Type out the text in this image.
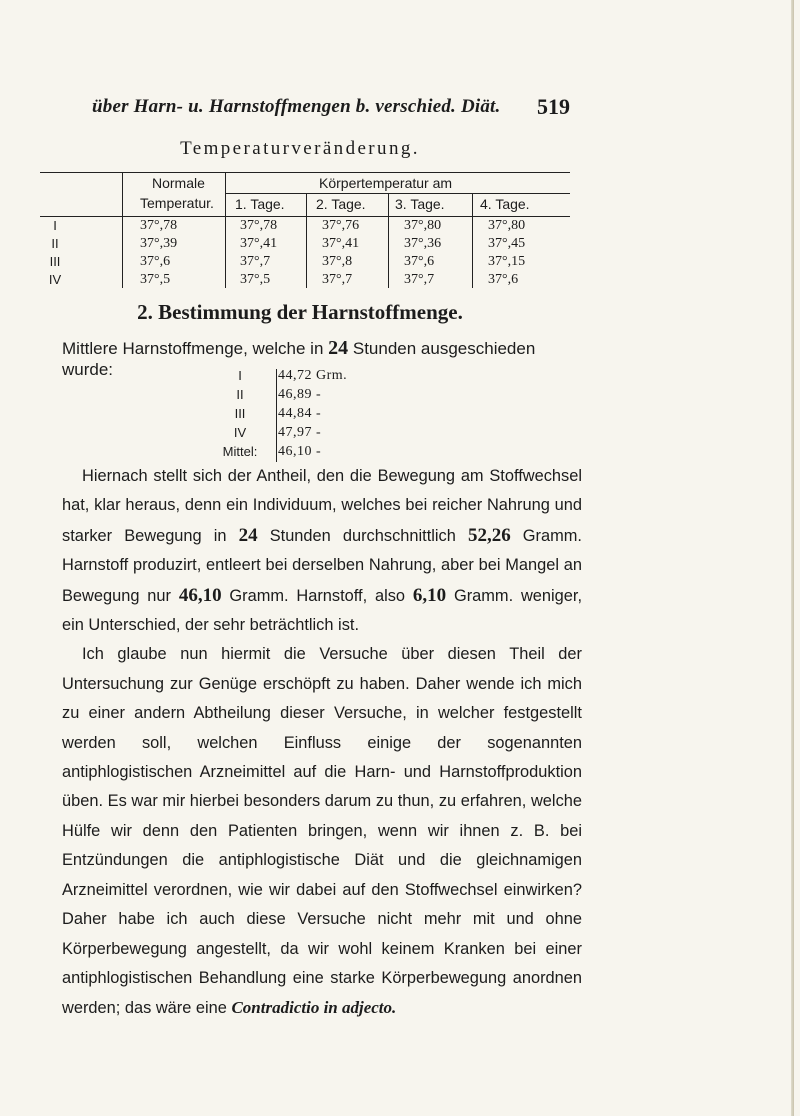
über Harn- u. Harnstoffmengen b. verschied. Diät. 519
Temperaturveränderung.
Normale
Temperatur.
Körpertemperatur am
1. Tage. 2. Tage. 3. Tage.	4. Tage.
I	37°,78	37°,78	37°,76	37°,80	37°,80
II	37°,39	37°,41	37°,41	37°,36	37°,45
III	37°,6	37°,7	37°,8	37°,6	37°,15
IV	37°,5	37°,5	37°,7	37°,7	37°,6
2. Bestimmung der Harnstoffmenge.
Mittlere Harnstoffmenge, welche in 24 Stunden ausgeschieden wurde:	I	44,72 Grm.
II	46,89 -
III	44,84 -
IV	47,97 -
Mittel:	46,10 -

Hiernach stellt sich der Antheil, den die Bewegung am Stoffwechsel hat, klar heraus, denn ein Individuum, welches bei reicher Nahrung und starker Bewegung in 24 Stunden durchschnittlich 52,26 Gramm. Harnstoff produzirt, entleert bei derselben Nahrung, aber bei Mangel an Bewegung nur 46,10 Gramm. Harnstoff, also 6,10 Gramm. weniger, ein Unterschied, der sehr beträchtlich ist.

Ich glaube nun hiermit die Versuche über diesen Theil der Untersuchung zur Genüge erschöpft zu haben. Daher wende ich mich zu einer andern Abtheilung dieser Versuche, in welcher festgestellt werden soll, welchen Einfluss einige der sogenannten antiphlogistischen Arzneimittel auf die Harn- und Harnstoffproduktion üben. Es war mir hierbei besonders darum zu thun, zu erfahren, welche Hülfe wir denn den Patienten bringen, wenn wir ihnen z. B. bei Entzündungen die antiphlogistische Diät und die gleichnamigen Arzneimittel verordnen, wie wir dabei auf den Stoffwechsel einwirken? Daher habe ich auch diese Versuche nicht mehr mit und ohne Körperbewegung angestellt, da wir wohl keinem Kranken bei einer antiphlogistischen Behandlung eine starke Körperbewegung anordnen werden; das wäre eine Contradictio in adjecto.
